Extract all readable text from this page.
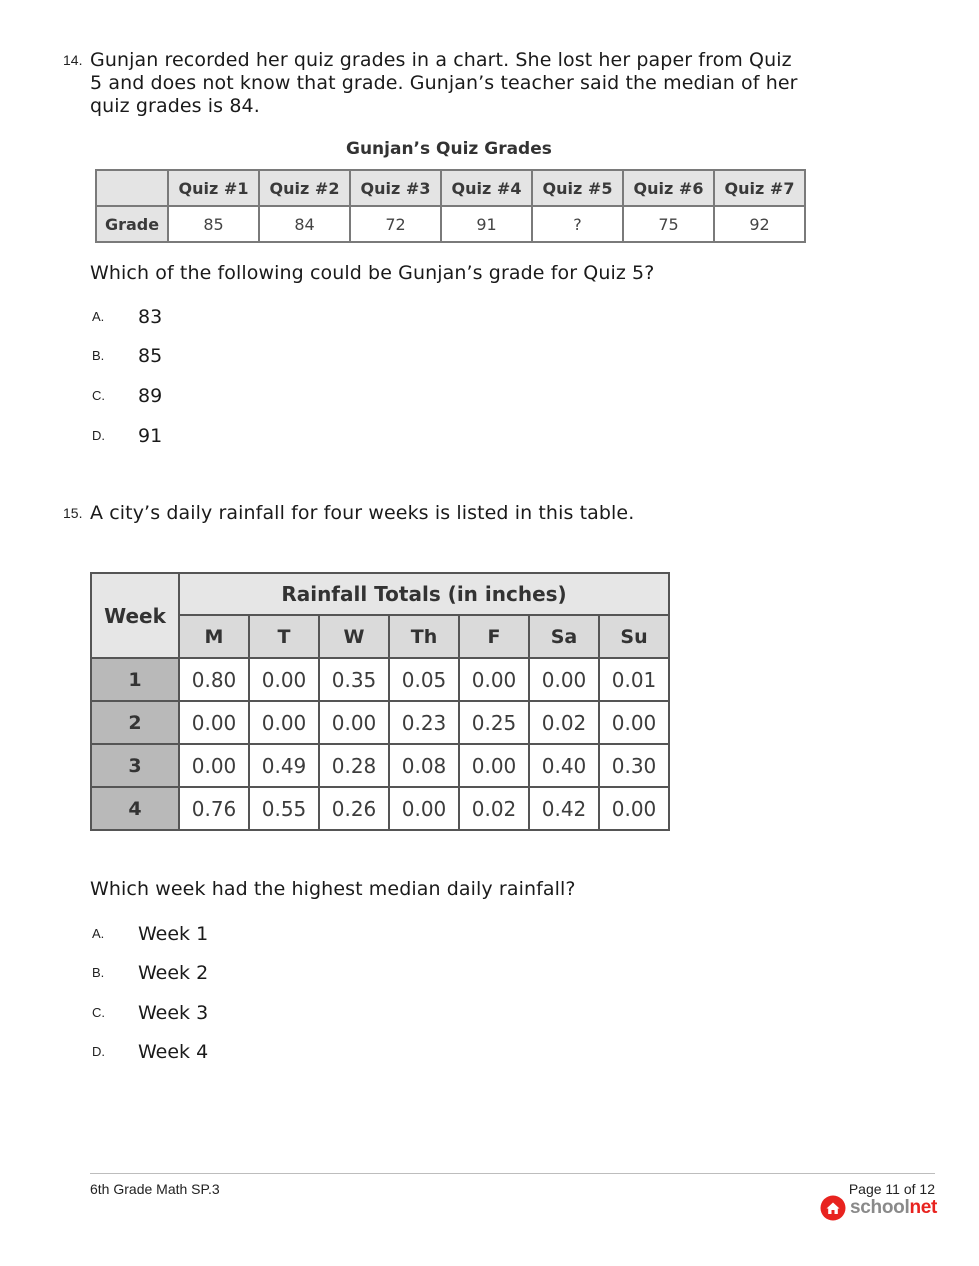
14. Gunjan recorded her quiz grades in a chart. She lost her paper from Quiz
5 and does not know that grade. Gunjan’s teacher said the median of her
quiz grades is 84.
Gunjan’s Quiz Grades
	Quiz #1	Quiz #2	Quiz #3	Quiz #4	Quiz #5	Quiz #6	Quiz #7
Grade	85	84	72	91	?	75	92
Which of the following could be Gunjan’s grade for Quiz 5?
A. 83
B. 85
C. 89
D. 91
15. A city’s daily rainfall for four weeks is listed in this table.
Week	Rainfall Totals (in inches)						
	M	T	W	Th	F	Sa	Su
1	0.80	0.00	0.35	0.05	0.00	0.00	0.01
2	0.00	0.00	0.00	0.23	0.25	0.02	0.00
3	0.00	0.49	0.28	0.08	0.00	0.40	0.30
4	0.76	0.55	0.26	0.00	0.02	0.42	0.00
Which week had the highest median daily rainfall?
A. Week 1
B. Week 2
C. Week 3
D. Week 4
6th Grade Math SP.3	Page 11 of 12
schoolnet
